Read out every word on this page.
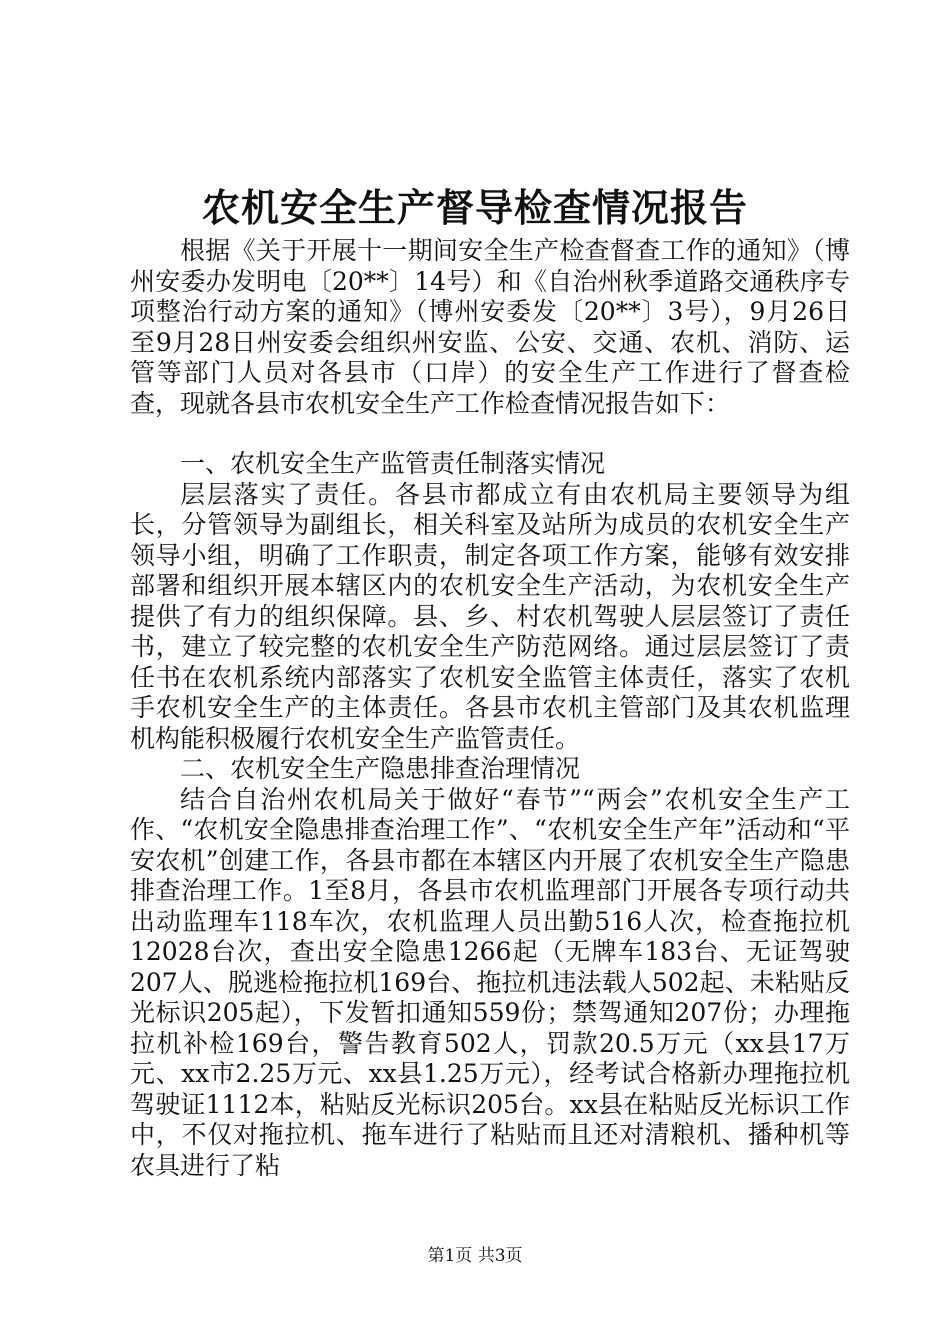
农机安全生产督导检查情况报告

根据《关于开展十一期间安全生产检查督查工作的通知》（博州安委办发明电〔20**〕14号）和《自治州秋季道路交通秩序专项整治行动方案的通知》（博州安委发〔20**〕3号），9月26日至9月28日州安委会组织州安监、公安、交通、农机、消防、运管等部门人员对各县市（口岸）的安全生产工作进行了督查检查，现就各县市农机安全生产工作检查情况报告如下：

一、农机安全生产监管责任制落实情况

层层落实了责任。各县市都成立有由农机局主要领导为组长，分管领导为副组长，相关科室及站所为成员的农机安全生产领导小组，明确了工作职责，制定各项工作方案，能够有效安排部署和组织开展本辖区内的农机安全生产活动，为农机安全生产提供了有力的组织保障。县、乡、村农机驾驶人层层签订了责任书，建立了较完整的农机安全生产防范网络。通过层层签订了责任书在农机系统内部落实了农机安全监管主体责任，落实了农机手农机安全生产的主体责任。各县市农机主管部门及其农机监理机构能积极履行农机安全生产监管责任。

二、农机安全生产隐患排查治理情况

结合自治州农机局关于做好“春节”“两会”农机安全生产工作、“农机安全隐患排查治理工作”、“农机安全生产年”活动和“平安农机”创建工作，各县市都在本辖区内开展了农机安全生产隐患排查治理工作。1至8月，各县市农机监理部门开展各专项行动共出动监理车118车次，农机监理人员出勤516人次，检查拖拉机12028台次，查出安全隐患1266起（无牌车183台、无证驾驶207人、脱逃检拖拉机169台、拖拉机违法载人502起、未粘贴反光标识205起），下发暂扣通知559份；禁驾通知207份；办理拖拉机补检169台，警告教育502人，罚款20.5万元（xx县17万元、xx市2.25万元、xx县1.25万元），经考试合格新办理拖拉机驾驶证1112本，粘贴反光标识205台。xx县在粘贴反光标识工作中，不仅对拖拉机、拖车进行了粘贴而且还对清粮机、播种机等农具进行了粘

第1页 共3页
